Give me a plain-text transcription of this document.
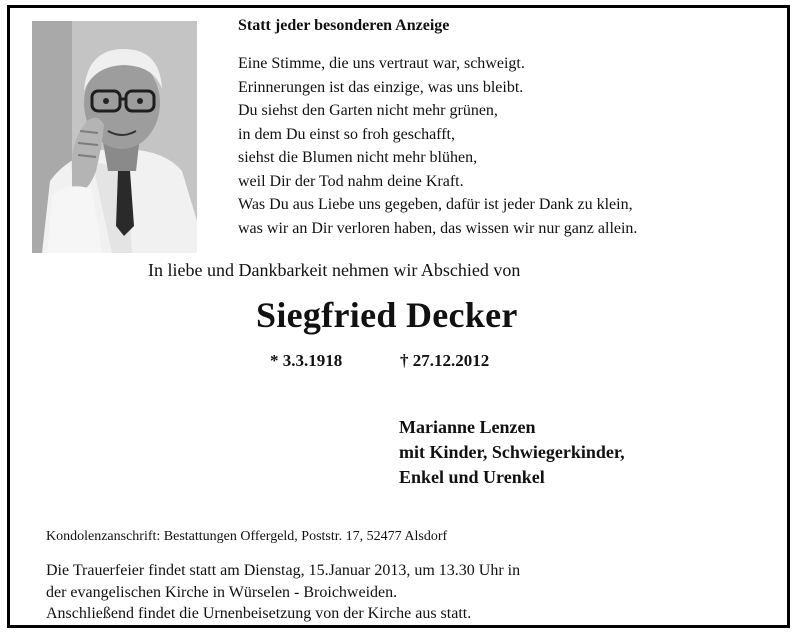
Statt jeder besonderen Anzeige
Eine Stimme, die uns vertraut war, schweigt.
Erinnerungen ist das einzige, was uns bleibt.
Du siehst den Garten nicht mehr grünen,
in dem Du einst so froh geschafft,
siehst die Blumen nicht mehr blühen,
weil Dir der Tod nahm deine Kraft.
Was Du aus Liebe uns gegeben, dafür ist jeder Dank zu klein,
was wir an Dir verloren haben, das wissen wir nur ganz allein.
In liebe und Dankbarkeit nehmen wir Abschied von
Siegfried Decker
* 3.3.1918	† 27.12.2012
Marianne Lenzen
mit Kinder, Schwiegerkinder,
Enkel und Urenkel
Kondolenzanschrift: Bestattungen Offergeld, Poststr. 17, 52477 Alsdorf
Die Trauerfeier findet statt am Dienstag, 15.Januar 2013, um 13.30 Uhr in
der evangelischen Kirche in Würselen - Broichweiden.
Anschließend findet die Urnenbeisetzung von der Kirche aus statt.
